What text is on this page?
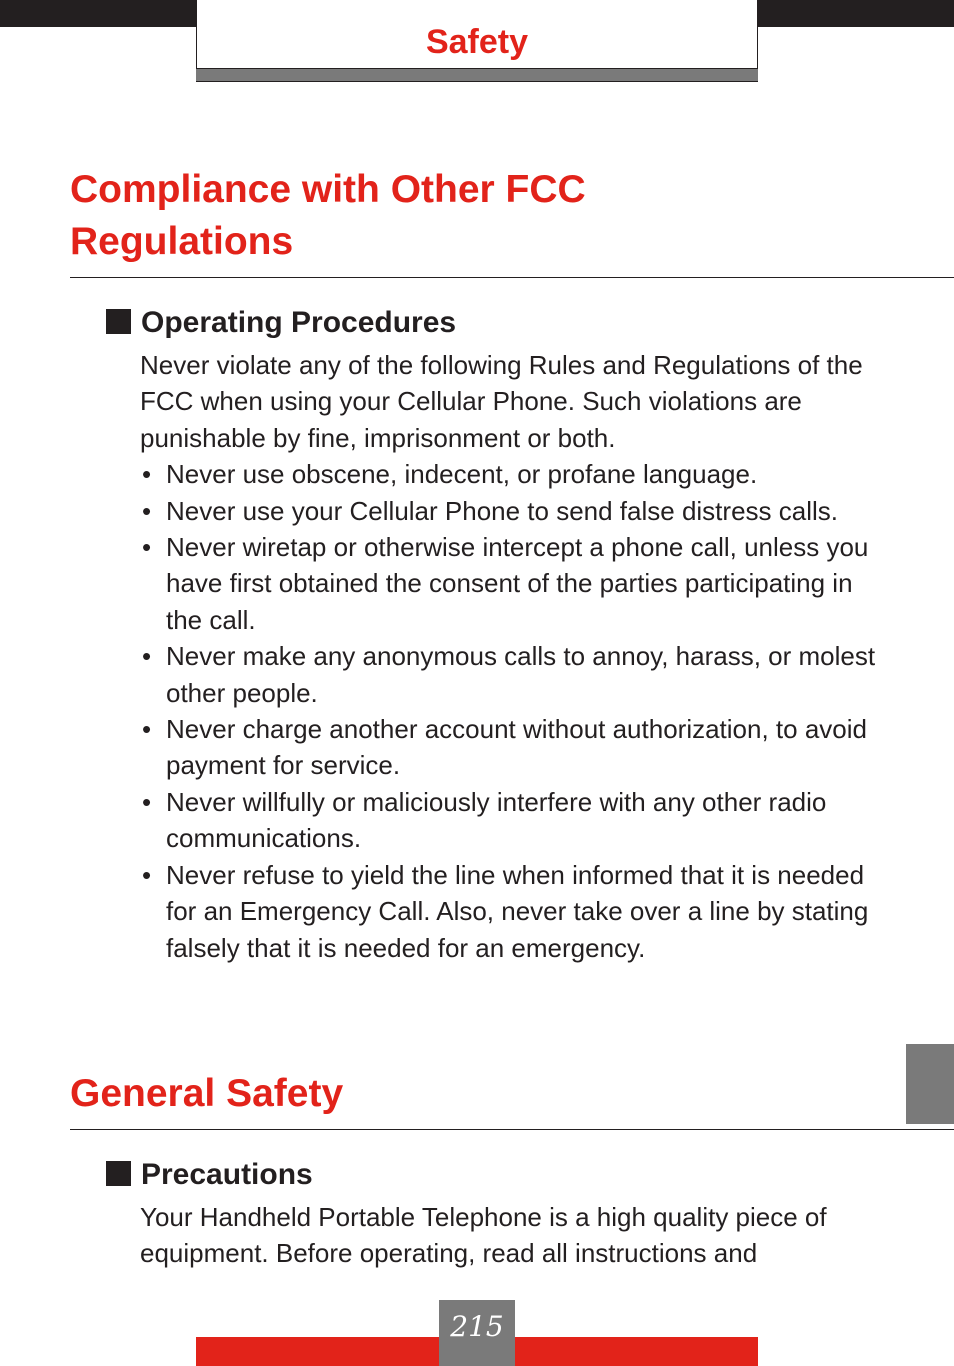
Safety
Compliance with Other FCC
Regulations
Operating Procedures

Never violate any of the following Rules and Regulations of the FCC when using your Cellular Phone. Such violations are punishable by fine, imprisonment or both.

• Never use obscene, indecent, or profane language.
• Never use your Cellular Phone to send false distress calls.
• Never wiretap or otherwise intercept a phone call, unless you have first obtained the consent of the parties participating in the call.
• Never make any anonymous calls to annoy, harass, or molest other people.
• Never charge another account without authorization, to avoid payment for service.
• Never willfully or maliciously interfere with any other radio communications.
• Never refuse to yield the line when informed that it is needed for an Emergency Call. Also, never take over a line by stating falsely that it is needed for an emergency.
General Safety
Precautions

Your Handheld Portable Telephone is a high quality piece of equipment. Before operating, read all instructions and

215
